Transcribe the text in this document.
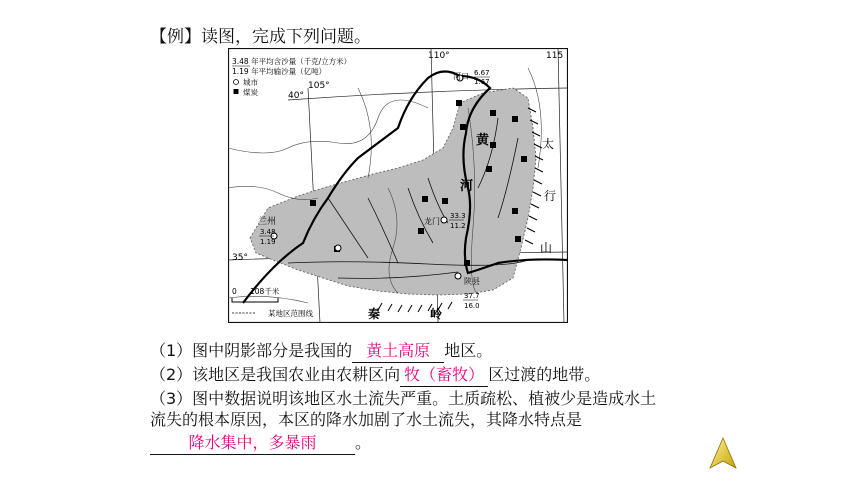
【例】读图，完成下列问题。
3.48 年平均含沙量（千克/立方米）
1.19 年平均输沙量（亿吨）
城市
煤炭
0 108千米
某地区范围线
110°
105°
115
40°
35°
河口 6.67
1.67
兰州
3.48
1.19
龙门
33.3
11.2
陕县
37.7
16.0
黄
河
太
行
山
秦	岭
（1）图中阴影部分是我国的 黄土高原 地区。
（2）该地区是我国农业由农耕区向 牧（畜牧） 区过渡的地带。
（3）图中数据说明该地区水土流失严重。土质疏松、植被少是造成水土
流失的根本原因，本区的降水加剧了水土流失，其降水特点是
降水集中，多暴雨 。
